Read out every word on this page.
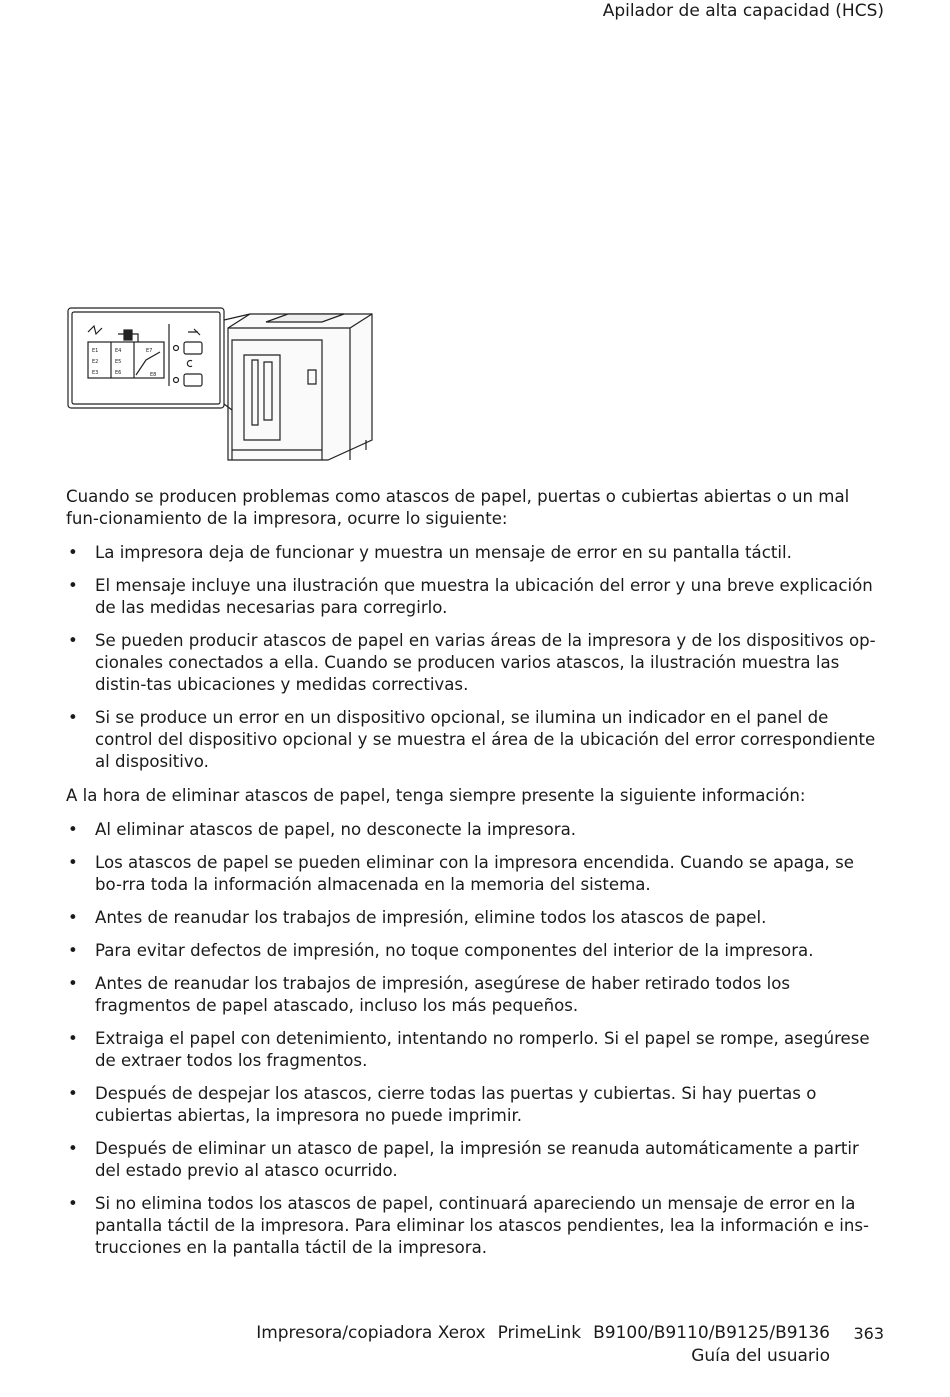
Apilador de alta capacidad (HCS)
E1
E2
E3
E4
E5
E6
E7
E8

Cuando se producen problemas como atascos de papel, puertas o cubiertas abiertas o un mal fun-cionamiento de la impresora, ocurre lo siguiente:

• La impresora deja de funcionar y muestra un mensaje de error en su pantalla táctil.
• El mensaje incluye una ilustración que muestra la ubicación del error y una breve explicación de las medidas necesarias para corregirlo.
• Se pueden producir atascos de papel en varias áreas de la impresora y de los dispositivos op-cionales conectados a ella. Cuando se producen varios atascos, la ilustración muestra las distin-tas ubicaciones y medidas correctivas.
• Si se produce un error en un dispositivo opcional, se ilumina un indicador en el panel de control del dispositivo opcional y se muestra el área de la ubicación del error correspondiente al dispositivo.

A la hora de eliminar atascos de papel, tenga siempre presente la siguiente información:

• Al eliminar atascos de papel, no desconecte la impresora.
• Los atascos de papel se pueden eliminar con la impresora encendida. Cuando se apaga, se bo-rra toda la información almacenada en la memoria del sistema.
• Antes de reanudar los trabajos de impresión, elimine todos los atascos de papel.
• Para evitar defectos de impresión, no toque componentes del interior de la impresora.
• Antes de reanudar los trabajos de impresión, asegúrese de haber retirado todos los fragmentos de papel atascado, incluso los más pequeños.
• Extraiga el papel con detenimiento, intentando no romperlo. Si el papel se rompe, asegúrese de extraer todos los fragmentos.
• Después de despejar los atascos, cierre todas las puertas y cubiertas. Si hay puertas o cubiertas abiertas, la impresora no puede imprimir.
• Después de eliminar un atasco de papel, la impresión se reanuda automáticamente a partir del estado previo al atasco ocurrido.
• Si no elimina todos los atascos de papel, continuará apareciendo un mensaje de error en la pantalla táctil de la impresora. Para eliminar los atascos pendientes, lea la información e ins-trucciones en la pantalla táctil de la impresora.
Impresora/copiadora Xerox PrimeLink B9100/B9110/B9125/B9136
Guía del usuario
363
